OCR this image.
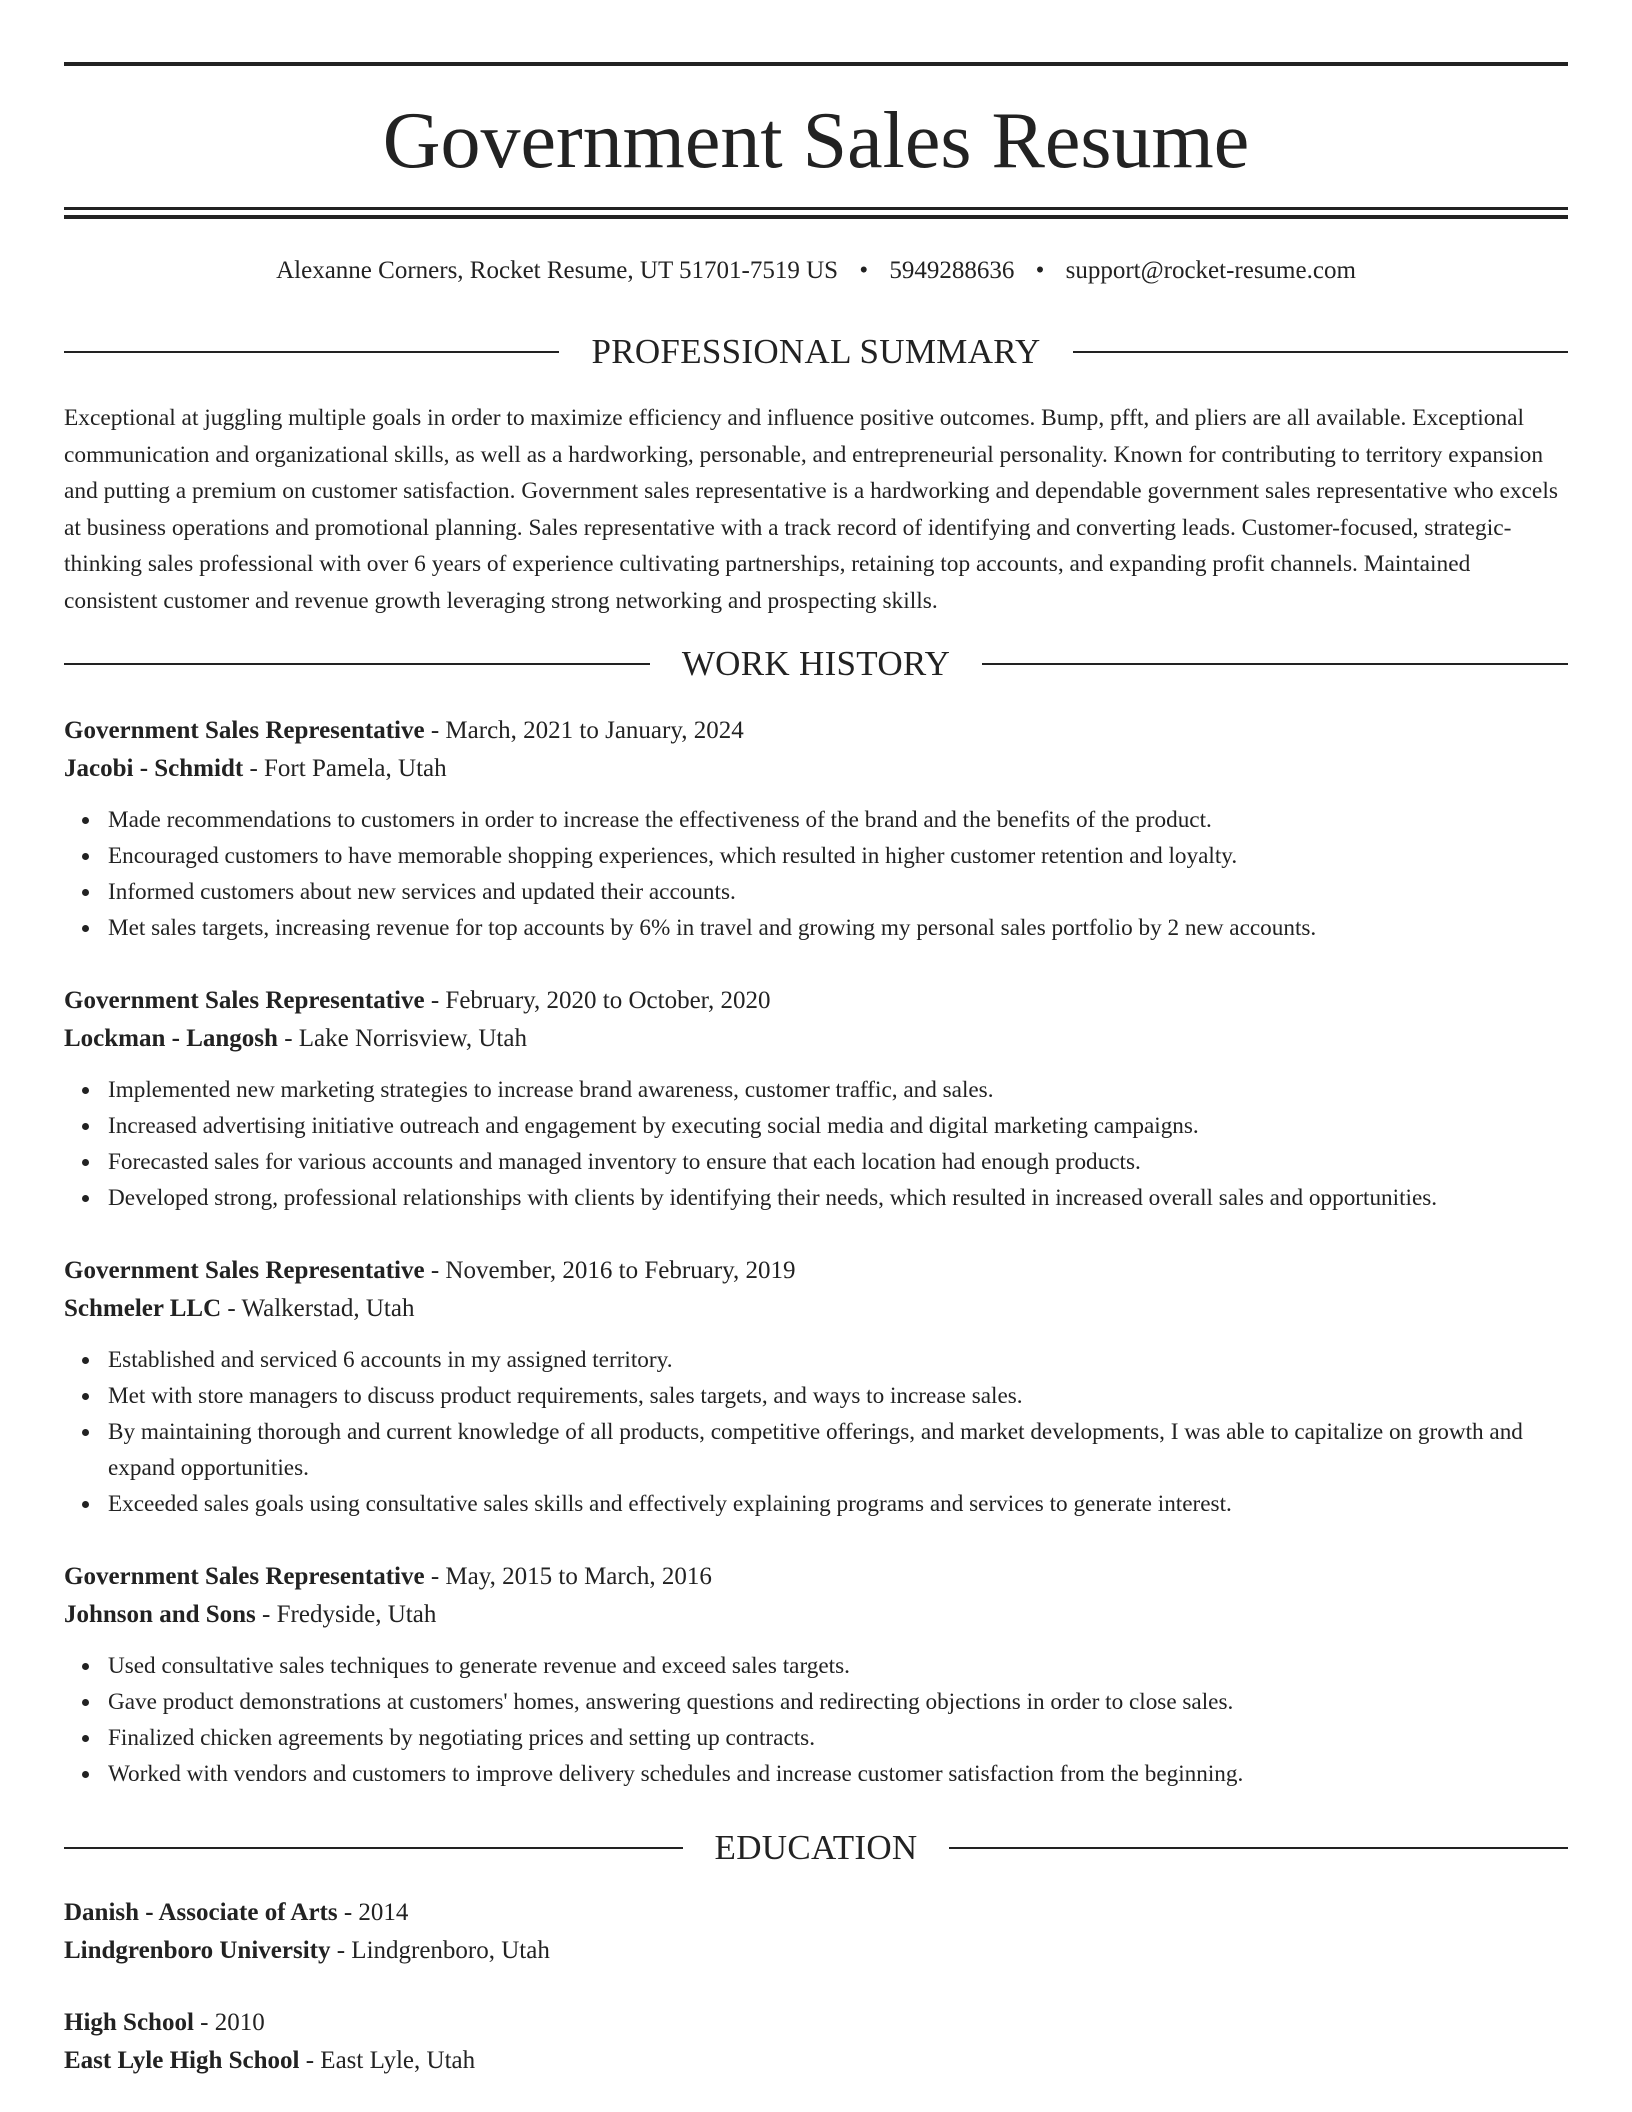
Government Sales Resume
Alexanne Corners, Rocket Resume, UT 51701-7519 US • 5949288636 • support@rocket-resume.com
PROFESSIONAL SUMMARY

Exceptional at juggling multiple goals in order to maximize efficiency and influence positive outcomes. Bump, pfft, and pliers are all available. Exceptional communication and organizational skills, as well as a hardworking, personable, and entrepreneurial personality. Known for contributing to territory expansion and putting a premium on customer satisfaction. Government sales representative is a hardworking and dependable government sales representative who excels at business operations and promotional planning. Sales representative with a track record of identifying and converting leads. Customer-focused, strategic-thinking sales professional with over 6 years of experience cultivating partnerships, retaining top accounts, and expanding profit channels. Maintained consistent customer and revenue growth leveraging strong networking and prospecting skills.

WORK HISTORY
Government Sales Representative - March, 2021 to January, 2024
Jacobi - Schmidt - Fort Pamela, Utah
Made recommendations to customers in order to increase the effectiveness of the brand and the benefits of the product.
Encouraged customers to have memorable shopping experiences, which resulted in higher customer retention and loyalty.
Informed customers about new services and updated their accounts.
Met sales targets, increasing revenue for top accounts by 6% in travel and growing my personal sales portfolio by 2 new accounts.
Government Sales Representative - February, 2020 to October, 2020
Lockman - Langosh - Lake Norrisview, Utah
Implemented new marketing strategies to increase brand awareness, customer traffic, and sales.
Increased advertising initiative outreach and engagement by executing social media and digital marketing campaigns.
Forecasted sales for various accounts and managed inventory to ensure that each location had enough products.
Developed strong, professional relationships with clients by identifying their needs, which resulted in increased overall sales and opportunities.
Government Sales Representative - November, 2016 to February, 2019
Schmeler LLC - Walkerstad, Utah
Established and serviced 6 accounts in my assigned territory.
Met with store managers to discuss product requirements, sales targets, and ways to increase sales.
By maintaining thorough and current knowledge of all products, competitive offerings, and market developments, I was able to capitalize on growth and expand opportunities.
Exceeded sales goals using consultative sales skills and effectively explaining programs and services to generate interest.
Government Sales Representative - May, 2015 to March, 2016
Johnson and Sons - Fredyside, Utah
Used consultative sales techniques to generate revenue and exceed sales targets.
Gave product demonstrations at customers' homes, answering questions and redirecting objections in order to close sales.
Finalized chicken agreements by negotiating prices and setting up contracts.
Worked with vendors and customers to improve delivery schedules and increase customer satisfaction from the beginning.
EDUCATION
Danish - Associate of Arts - 2014
Lindgrenboro University - Lindgrenboro, Utah
High School - 2010
East Lyle High School - East Lyle, Utah
